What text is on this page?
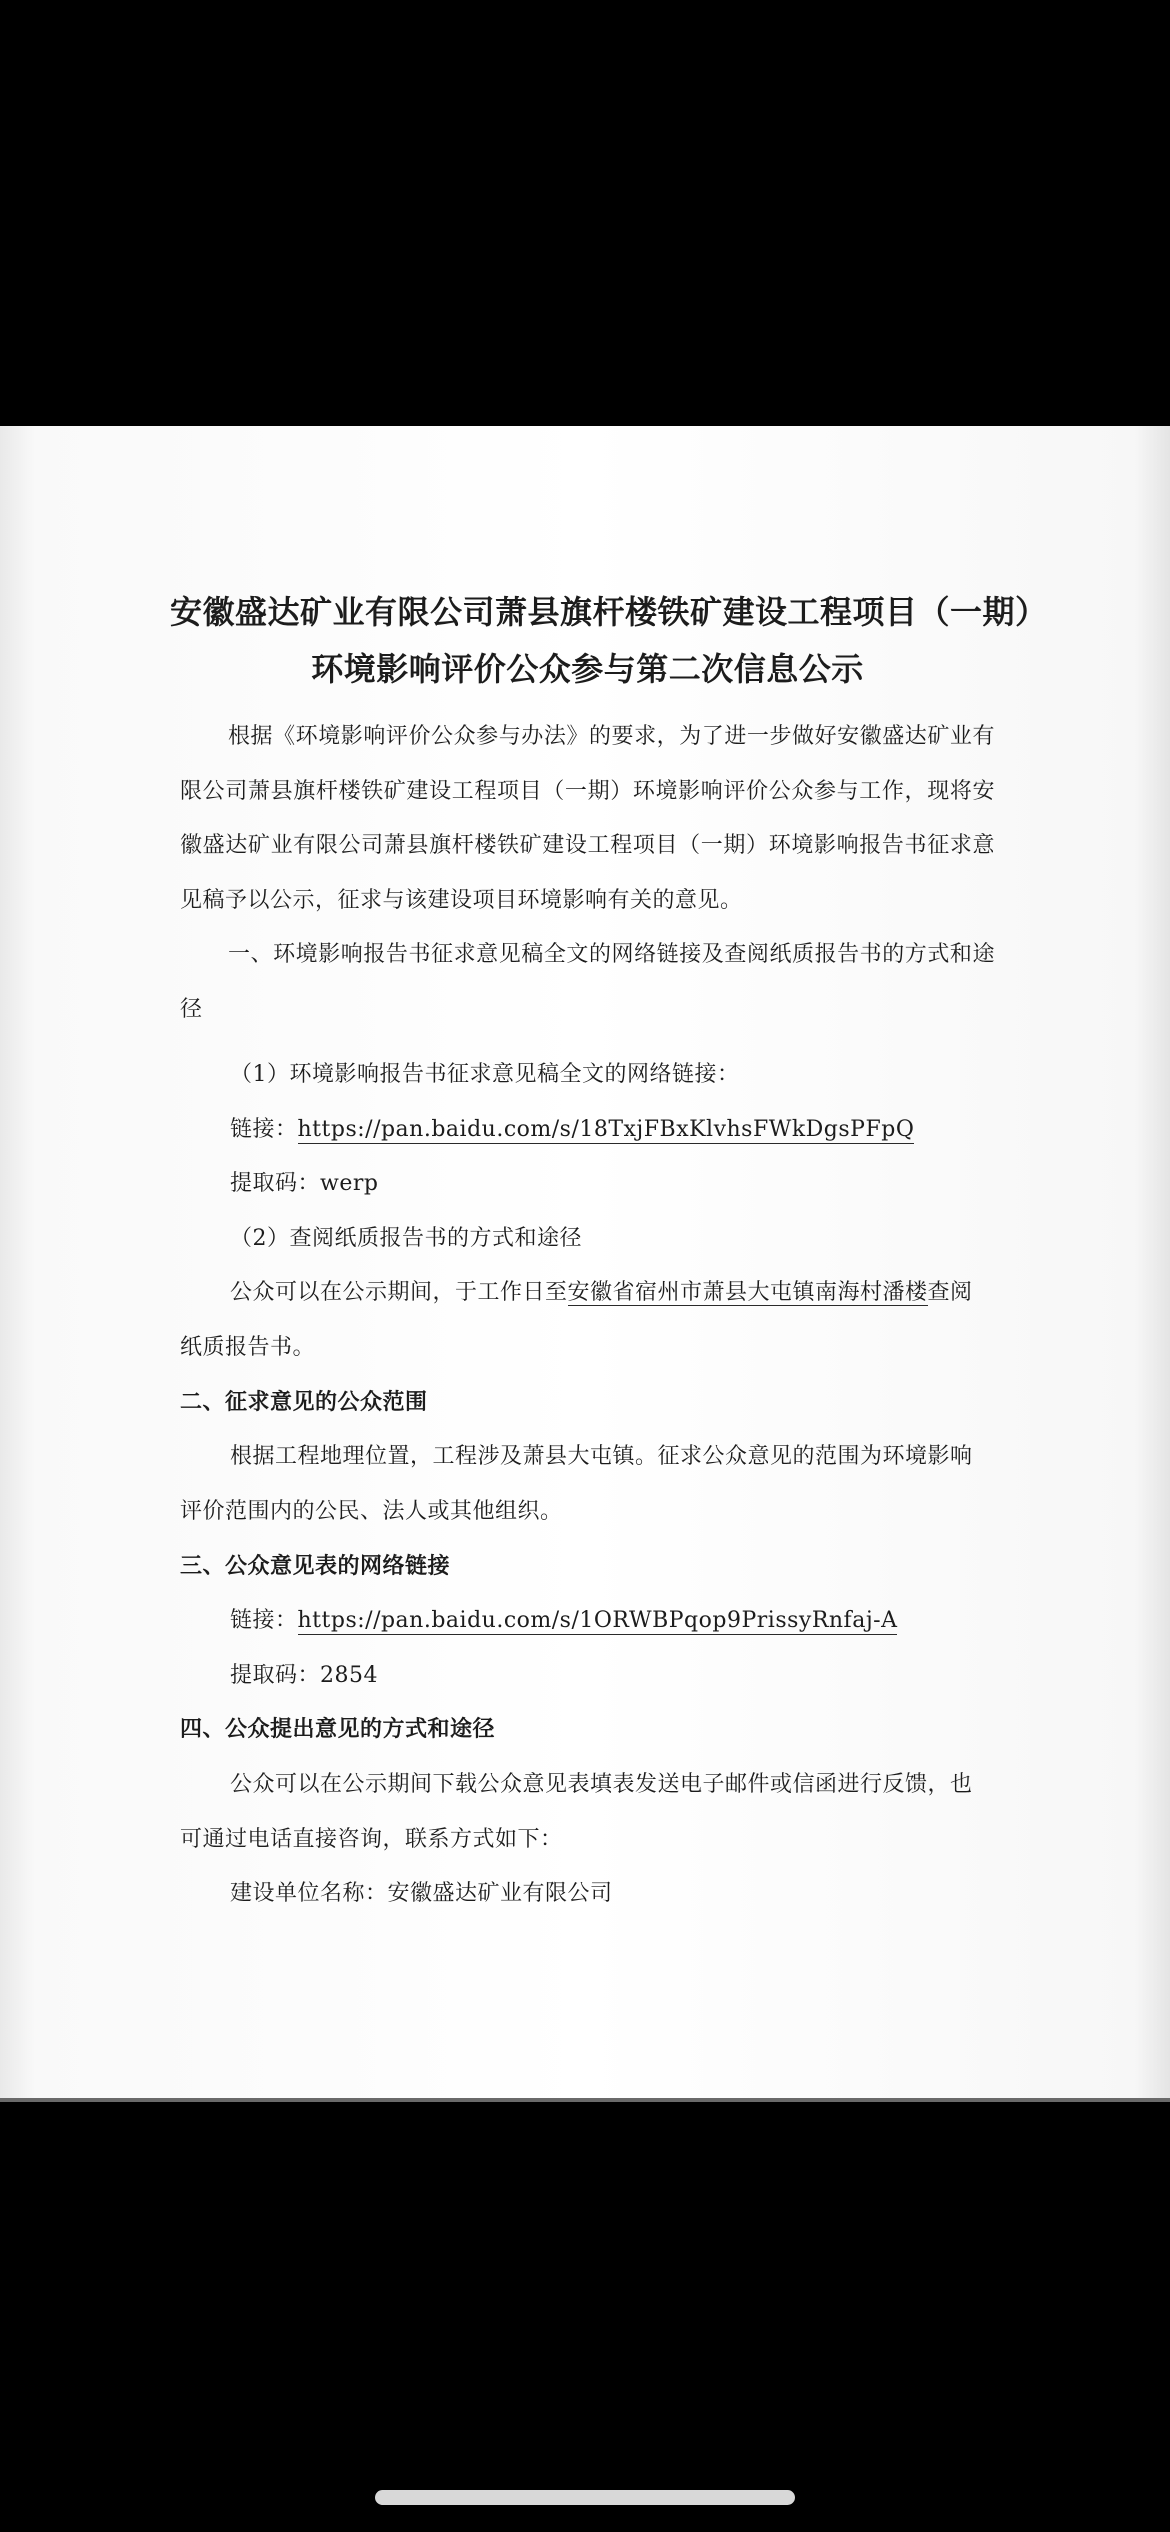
安徽盛达矿业有限公司萧县旗杆楼铁矿建设工程项目（一期）
环境影响评价公众参与第二次信息公示
根据《环境影响评价公众参与办法》的要求，为了进一步做好安徽盛达矿业有限公司萧县旗杆楼铁矿建设工程项目（一期）环境影响评价公众参与工作，现将安徽盛达矿业有限公司萧县旗杆楼铁矿建设工程项目（一期）环境影响报告书征求意见稿予以公示，征求与该建设项目环境影响有关的意见。
一、环境影响报告书征求意见稿全文的网络链接及查阅纸质报告书的方式和途径
（1）环境影响报告书征求意见稿全文的网络链接：
链接：https://pan.baidu.com/s/18TxjFBxKlvhsFWkDgsPFpQ
提取码：werp
（2）查阅纸质报告书的方式和途径
公众可以在公示期间，于工作日至安徽省宿州市萧县大屯镇南海村潘楼查阅
纸质报告书。
二、征求意见的公众范围
根据工程地理位置，工程涉及萧县大屯镇。征求公众意见的范围为环境影响
评价范围内的公民、法人或其他组织。
三、公众意见表的网络链接
链接：https://pan.baidu.com/s/1ORWBPqop9PrissyRnfaj-A
提取码：2854
四、公众提出意见的方式和途径
公众可以在公示期间下载公众意见表填表发送电子邮件或信函进行反馈，也
可通过电话直接咨询，联系方式如下：
建设单位名称：安徽盛达矿业有限公司
